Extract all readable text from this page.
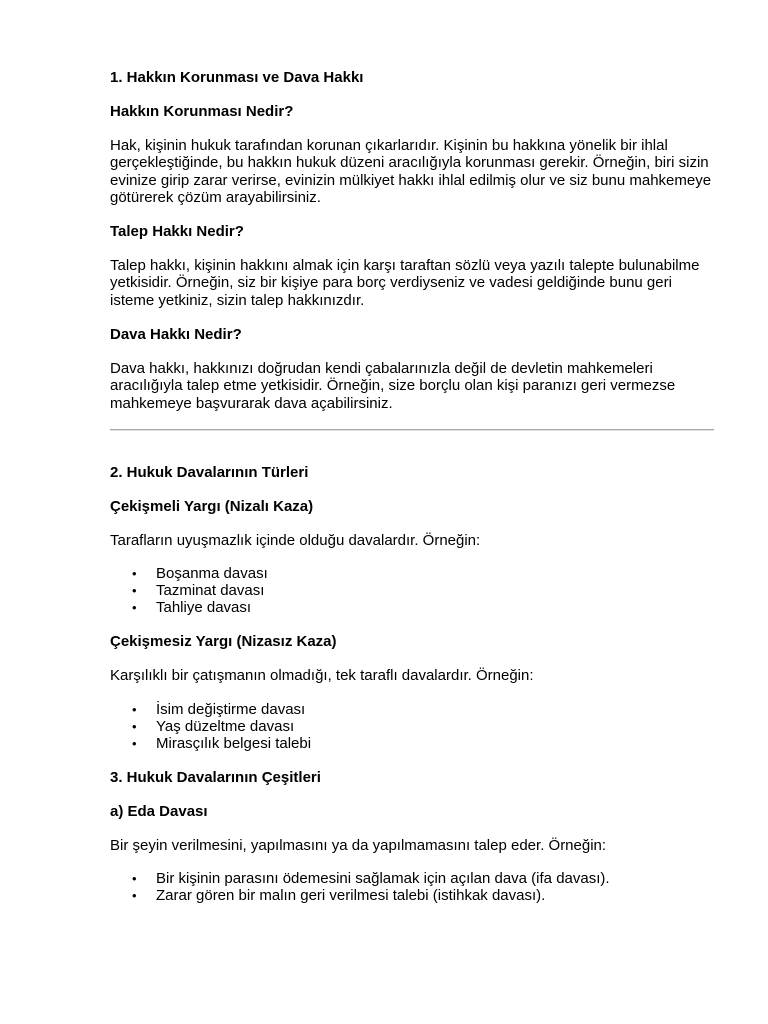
1. Hakkın Korunması ve Dava Hakkı

Hakkın Korunması Nedir?

Hak, kişinin hukuk tarafından korunan çıkarlarıdır. Kişinin bu hakkına yönelik bir ihlal gerçekleştiğinde, bu hakkın hukuk düzeni aracılığıyla korunması gerekir. Örneğin, biri sizin evinize girip zarar verirse, evinizin mülkiyet hakkı ihlal edilmiş olur ve siz bunu mahkemeye götürerek çözüm arayabilirsiniz.

Talep Hakkı Nedir?

Talep hakkı, kişinin hakkını almak için karşı taraftan sözlü veya yazılı talepte bulunabilme yetkisidir. Örneğin, siz bir kişiye para borç verdiyseniz ve vadesi geldiğinde bunu geri isteme yetkiniz, sizin talep hakkınızdır.

Dava Hakkı Nedir?

Dava hakkı, hakkınızı doğrudan kendi çabalarınızla değil de devletin mahkemeleri aracılığıyla talep etme yetkisidir. Örneğin, size borçlu olan kişi paranızı geri vermezse mahkemeye başvurarak dava açabilirsiniz.

2. Hukuk Davalarının Türleri

Çekişmeli Yargı (Nizalı Kaza)

Tarafların uyuşmazlık içinde olduğu davalardır. Örneğin:

• Boşanma davası
• Tazminat davası
• Tahliye davası

Çekişmesiz Yargı (Nizasız Kaza)

Karşılıklı bir çatışmanın olmadığı, tek taraflı davalardır. Örneğin:

• İsim değiştirme davası
• Yaş düzeltme davası
• Mirasçılık belgesi talebi

3. Hukuk Davalarının Çeşitleri

a) Eda Davası

Bir şeyin verilmesini, yapılmasını ya da yapılmamasını talep eder. Örneğin:

• Bir kişinin parasını ödemesini sağlamak için açılan dava (ifa davası).
• Zarar gören bir malın geri verilmesi talebi (istihkak davası).
